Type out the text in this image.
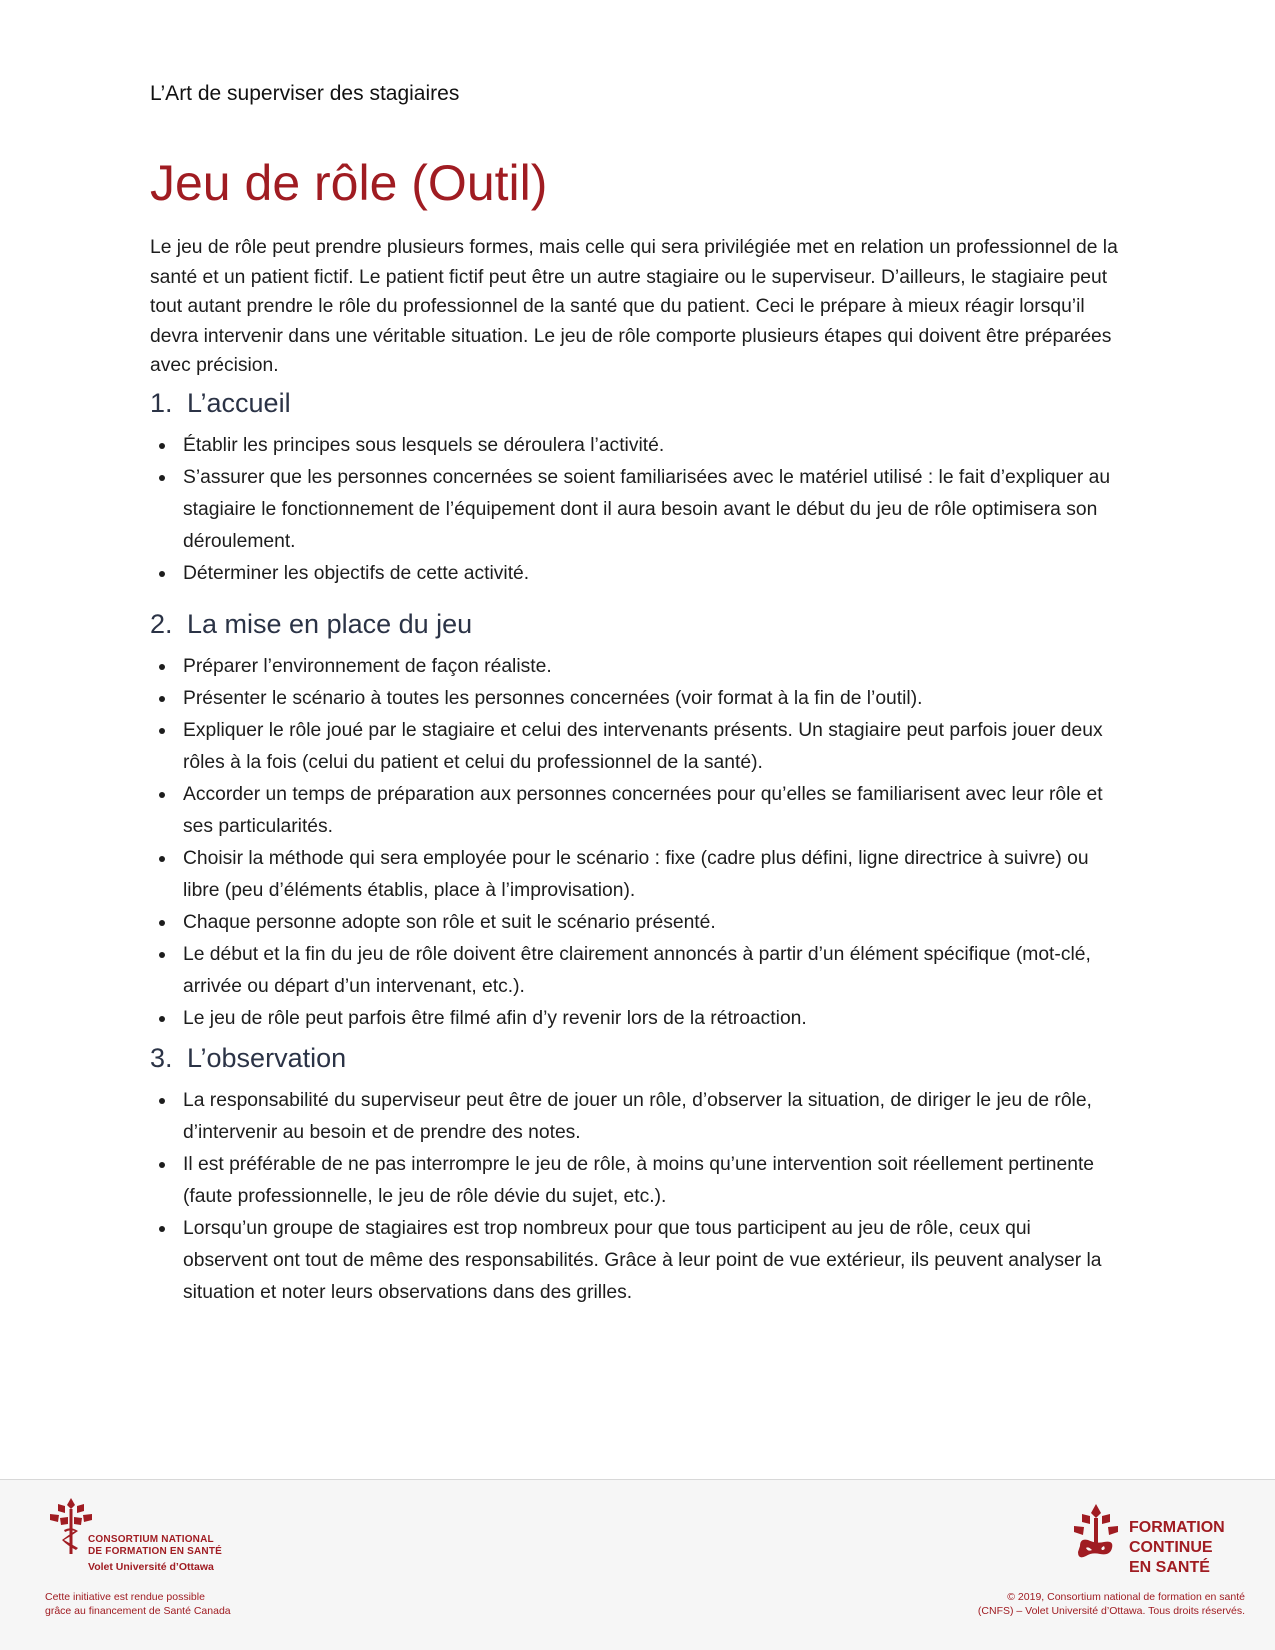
L’Art de superviser des stagiaires
Jeu de rôle (Outil)

Le jeu de rôle peut prendre plusieurs formes, mais celle qui sera privilégiée met en relation un professionnel de la santé et un patient fictif. Le patient fictif peut être un autre stagiaire ou le superviseur. D’ailleurs, le stagiaire peut tout autant prendre le rôle du professionnel de la santé que du patient. Ceci le prépare à mieux réagir lorsqu’il devra intervenir dans une véritable situation. Le jeu de rôle comporte plusieurs étapes qui doivent être préparées avec précision.

1. L’accueil
Établir les principes sous lesquels se déroulera l’activité.
S’assurer que les personnes concernées se soient familiarisées avec le matériel utilisé : le fait d’expliquer au stagiaire le fonctionnement de l’équipement dont il aura besoin avant le début du jeu de rôle optimisera son déroulement.
Déterminer les objectifs de cette activité.
2. La mise en place du jeu
Préparer l’environnement de façon réaliste.
Présenter le scénario à toutes les personnes concernées (voir format à la fin de l’outil).
Expliquer le rôle joué par le stagiaire et celui des intervenants présents. Un stagiaire peut parfois jouer deux rôles à la fois (celui du patient et celui du professionnel de la santé).
Accorder un temps de préparation aux personnes concernées pour qu’elles se familiarisent avec leur rôle et ses particularités.
Choisir la méthode qui sera employée pour le scénario : fixe (cadre plus défini, ligne directrice à suivre) ou libre (peu d’éléments établis, place à l’improvisation).
Chaque personne adopte son rôle et suit le scénario présenté.
Le début et la fin du jeu de rôle doivent être clairement annoncés à partir d’un élément spécifique (mot-clé, arrivée ou départ d’un intervenant, etc.).
Le jeu de rôle peut parfois être filmé afin d’y revenir lors de la rétroaction.
3. L’observation
La responsabilité du superviseur peut être de jouer un rôle, d’observer la situation, de diriger le jeu de rôle, d’intervenir au besoin et de prendre des notes.
Il est préférable de ne pas interrompre le jeu de rôle, à moins qu’une intervention soit réellement pertinente (faute professionnelle, le jeu de rôle dévie du sujet, etc.).
Lorsqu’un groupe de stagiaires est trop nombreux pour que tous participent au jeu de rôle, ceux qui observent ont tout de même des responsabilités. Grâce à leur point de vue extérieur, ils peuvent analyser la situation et noter leurs observations dans des grilles.
CONSORTIUM NATIONAL
DE FORMATION EN SANTÉ
Volet Université d’Ottawa
Cette initiative est rendue possible
grâce au financement de Santé Canada
FORMATION
CONTINUE
EN SANTÉ
© 2019, Consortium national de formation en santé
(CNFS) – Volet Université d’Ottawa. Tous droits réservés.
